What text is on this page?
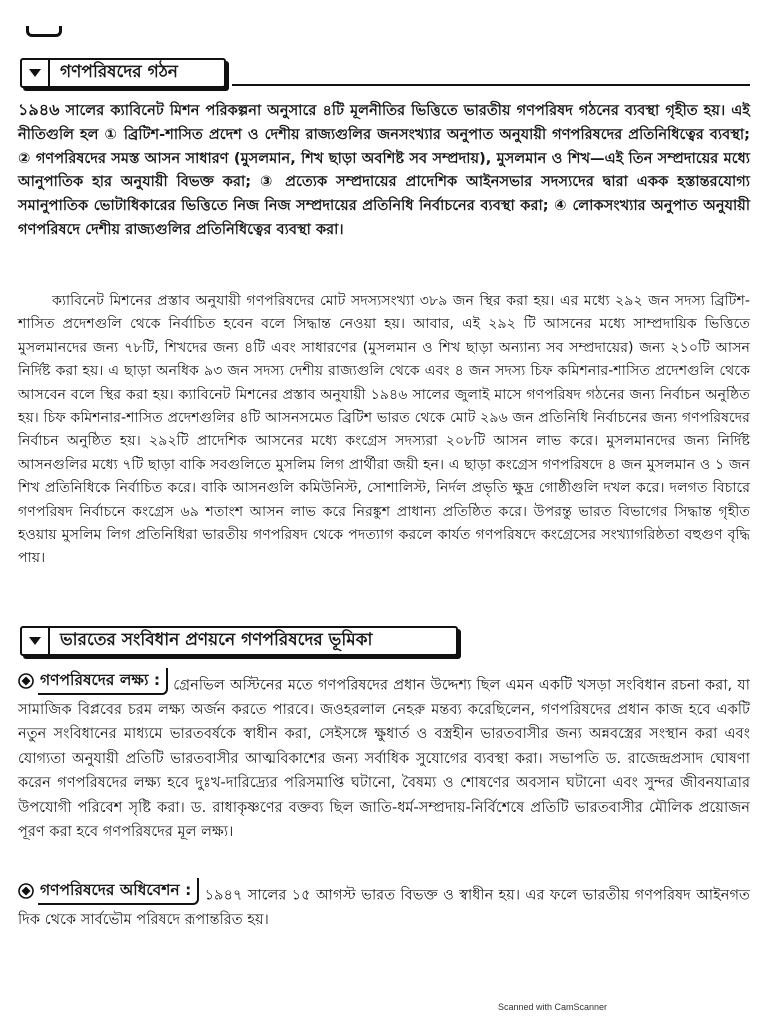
গণপরিষদের গঠন

১৯৪৬ সালের ক্যাবিনেট মিশন পরিকল্পনা অনুসারে ৪টি মূলনীতির ভিত্তিতে ভারতীয় গণপরিষদ গঠনের ব্যবস্থা গৃহীত হয়। এই নীতিগুলি হল ① ব্রিটিশ-শাসিত প্রদেশ ও দেশীয় রাজ্যগুলির জনসংখ্যার অনুপাত অনুযায়ী গণপরিষদের প্রতিনিধিত্বের ব্যবস্থা; ② গণপরিষদের সমস্ত আসন সাধারণ (মুসলমান, শিখ ছাড়া অবশিষ্ট সব সম্প্রদায়), মুসলমান ও শিখ—এই তিন সম্প্রদায়ের মধ্যে আনুপাতিক হার অনুযায়ী বিভক্ত করা; ③ প্রত্যেক সম্প্রদায়ের প্রাদেশিক আইনসভার সদস্যদের দ্বারা একক হস্তান্তরযোগ্য সমানুপাতিক ভোটাধিকারের ভিত্তিতে নিজ নিজ সম্প্রদায়ের প্রতিনিধি নির্বাচনের ব্যবস্থা করা; ④ লোকসংখ্যার অনুপাত অনুযায়ী গণপরিষদে দেশীয় রাজ্যগুলির প্রতিনিধিত্বের ব্যবস্থা করা।

ক্যাবিনেট মিশনের প্রস্তাব অনুযায়ী গণপরিষদের মোট সদস্যসংখ্যা ৩৮৯ জন স্থির করা হয়। এর মধ্যে ২৯২ জন সদস্য ব্রিটিশ-শাসিত প্রদেশগুলি থেকে নির্বাচিত হবেন বলে সিদ্ধান্ত নেওয়া হয়। আবার, এই ২৯২ টি আসনের মধ্যে সাম্প্রদায়িক ভিত্তিতে মুসলমানদের জন্য ৭৮টি, শিখদের জন্য ৪টি এবং সাধারণের (মুসলমান ও শিখ ছাড়া অন্যান্য সব সম্প্রদায়ের) জন্য ২১০টি আসন নির্দিষ্ট করা হয়। এ ছাড়া অনধিক ৯৩ জন সদস্য দেশীয় রাজ্যগুলি থেকে এবং ৪ জন সদস্য চিফ কমিশনার-শাসিত প্রদেশগুলি থেকে আসবেন বলে স্থির করা হয়। ক্যাবিনেট মিশনের প্রস্তাব অনুযায়ী ১৯৪৬ সালের জুলাই মাসে গণপরিষদ গঠনের জন্য নির্বাচন অনুষ্ঠিত হয়। চিফ কমিশনার-শাসিত প্রদেশগুলির ৪টি আসনসমেত ব্রিটিশ ভারত থেকে মোট ২৯৬ জন প্রতিনিধি নির্বাচনের জন্য গণপরিষদের নির্বাচন অনুষ্ঠিত হয়। ২৯২টি প্রাদেশিক আসনের মধ্যে কংগ্রেস সদস্যরা ২০৮টি আসন লাভ করে। মুসলমানদের জন্য নির্দিষ্ট আসনগুলির মধ্যে ৭টি ছাড়া বাকি সবগুলিতে মুসলিম লিগ প্রার্থীরা জয়ী হন। এ ছাড়া কংগ্রেস গণপরিষদে ৪ জন মুসলমান ও ১ জন শিখ প্রতিনিধিকে নির্বাচিত করে। বাকি আসনগুলি কমিউনিস্ট, সোশালিস্ট, নির্দল প্রভৃতি ক্ষুদ্র গোষ্ঠীগুলি দখল করে। দলগত বিচারে গণপরিষদ নির্বাচনে কংগ্রেস ৬৯ শতাংশ আসন লাভ করে নিরঙ্কুশ প্রাধান্য প্রতিষ্ঠিত করে। উপরন্তু ভারত বিভাগের সিদ্ধান্ত গৃহীত হওয়ায় মুসলিম লিগ প্রতিনিধিরা ভারতীয় গণপরিষদ থেকে পদত্যাগ করলে কার্যত গণপরিষদে কংগ্রেসের সংখ্যাগরিষ্ঠতা বহুগুণ বৃদ্ধি পায়।

ভারতের সংবিধান প্রণয়নে গণপরিষদের ভূমিকা

গণপরিষদের লক্ষ্য : গ্রেনভিল অস্টিনের মতে গণপরিষদের প্রধান উদ্দেশ্য ছিল এমন একটি খসড়া সংবিধান রচনা করা, যা সামাজিক বিপ্লবের চরম লক্ষ্য অর্জন করতে পারবে। জওহরলাল নেহরু মন্তব্য করেছিলেন, গণপরিষদের প্রধান কাজ হবে একটি নতুন সংবিধানের মাধ্যমে ভারতবর্ষকে স্বাধীন করা, সেইসঙ্গে ক্ষুধার্ত ও বস্ত্রহীন ভারতবাসীর জন্য অন্নবস্ত্রের সংস্থান করা এবং যোগ্যতা অনুযায়ী প্রতিটি ভারতবাসীর আত্মবিকাশের জন্য সর্বাধিক সুযোগের ব্যবস্থা করা। সভাপতি ড. রাজেন্দ্রপ্রসাদ ঘোষণা করেন গণপরিষদের লক্ষ্য হবে দুঃখ-দারিদ্র্যের পরিসমাপ্তি ঘটানো, বৈষম্য ও শোষণের অবসান ঘটানো এবং সুন্দর জীবনযাত্রার উপযোগী পরিবেশ সৃষ্টি করা। ড. রাধাকৃষ্ণণের বক্তব্য ছিল জাতি-ধর্ম-সম্প্রদায়-নির্বিশেষে প্রতিটি ভারতবাসীর মৌলিক প্রয়োজন পূরণ করা হবে গণপরিষদের মূল লক্ষ্য।

গণপরিষদের অধিবেশন : ১৯৪৭ সালের ১৫ আগস্ট ভারত বিভক্ত ও স্বাধীন হয়। এর ফলে ভারতীয় গণপরিষদ আইনগত দিক থেকে সার্বভৌম পরিষদে রূপান্তরিত হয়।

Scanned with CamScanner
